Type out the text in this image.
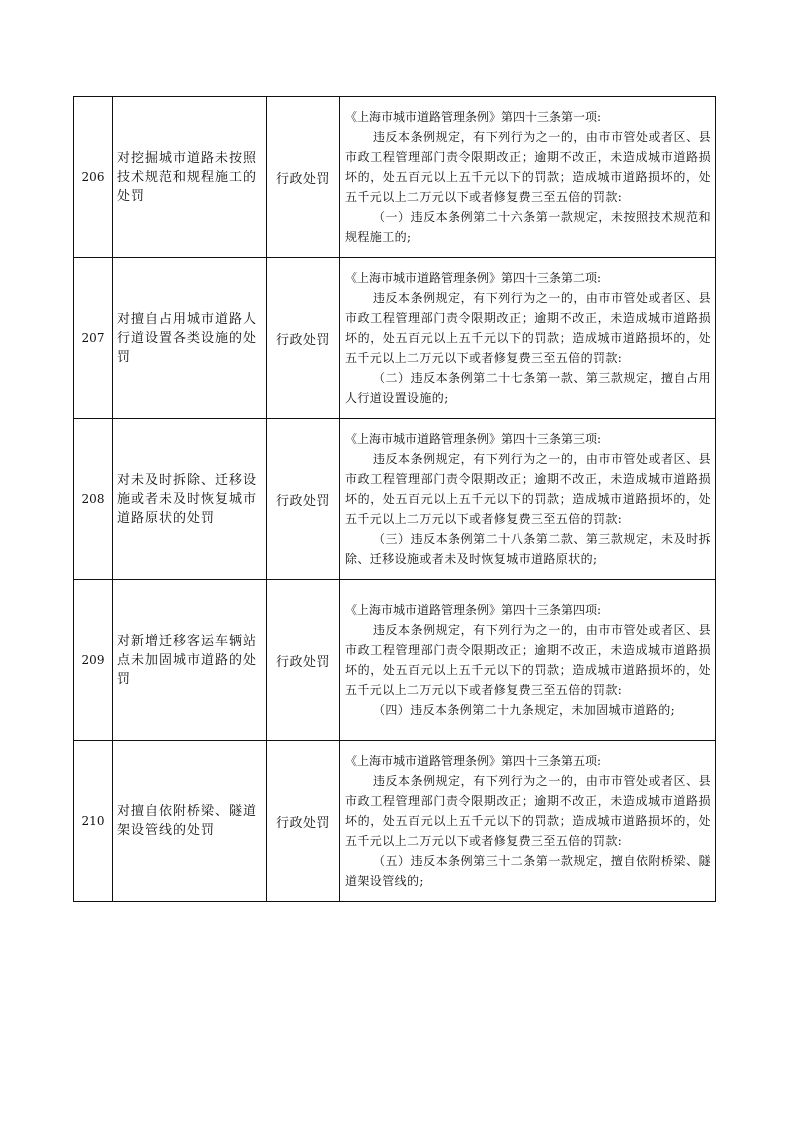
206	对挖掘城市道路未按照技术规范和规程施工的处罚	行政处罚	《上海市城市道路管理条例》第四十三条第一项:
违反本条例规定，有下列行为之一的，由市市管处或者区、县市政工程管理部门责令限期改正；逾期不改正，未造成城市道路损坏的，处五百元以上五千元以下的罚款；造成城市道路损坏的，处五千元以上二万元以下或者修复费三至五倍的罚款:
（一）违反本条例第二十六条第一款规定，未按照技术规范和规程施工的;

207	对擅自占用城市道路人行道设置各类设施的处罚	行政处罚	《上海市城市道路管理条例》第四十三条第二项:
违反本条例规定，有下列行为之一的，由市市管处或者区、县市政工程管理部门责令限期改正；逾期不改正，未造成城市道路损坏的，处五百元以上五千元以下的罚款；造成城市道路损坏的，处五千元以上二万元以下或者修复费三至五倍的罚款:
（二）违反本条例第二十七条第一款、第三款规定，擅自占用人行道设置设施的;

208	对未及时拆除、迁移设施或者未及时恢复城市道路原状的处罚	行政处罚	《上海市城市道路管理条例》第四十三条第三项:
违反本条例规定，有下列行为之一的，由市市管处或者区、县市政工程管理部门责令限期改正；逾期不改正，未造成城市道路损坏的，处五百元以上五千元以下的罚款；造成城市道路损坏的，处五千元以上二万元以下或者修复费三至五倍的罚款:
（三）违反本条例第二十八条第二款、第三款规定，未及时拆除、迁移设施或者未及时恢复城市道路原状的;

209	对新增迁移客运车辆站点未加固城市道路的处罚	行政处罚	《上海市城市道路管理条例》第四十三条第四项:
违反本条例规定，有下列行为之一的，由市市管处或者区、县市政工程管理部门责令限期改正；逾期不改正，未造成城市道路损坏的，处五百元以上五千元以下的罚款；造成城市道路损坏的，处五千元以上二万元以下或者修复费三至五倍的罚款:
（四）违反本条例第二十九条规定，未加固城市道路的;

210	对擅自依附桥梁、隧道架设管线的处罚	行政处罚	《上海市城市道路管理条例》第四十三条第五项:
违反本条例规定，有下列行为之一的，由市市管处或者区、县市政工程管理部门责令限期改正；逾期不改正，未造成城市道路损坏的，处五百元以上五千元以下的罚款；造成城市道路损坏的，处五千元以上二万元以下或者修复费三至五倍的罚款:
（五）违反本条例第三十二条第一款规定，擅自依附桥梁、隧道架设管线的;
